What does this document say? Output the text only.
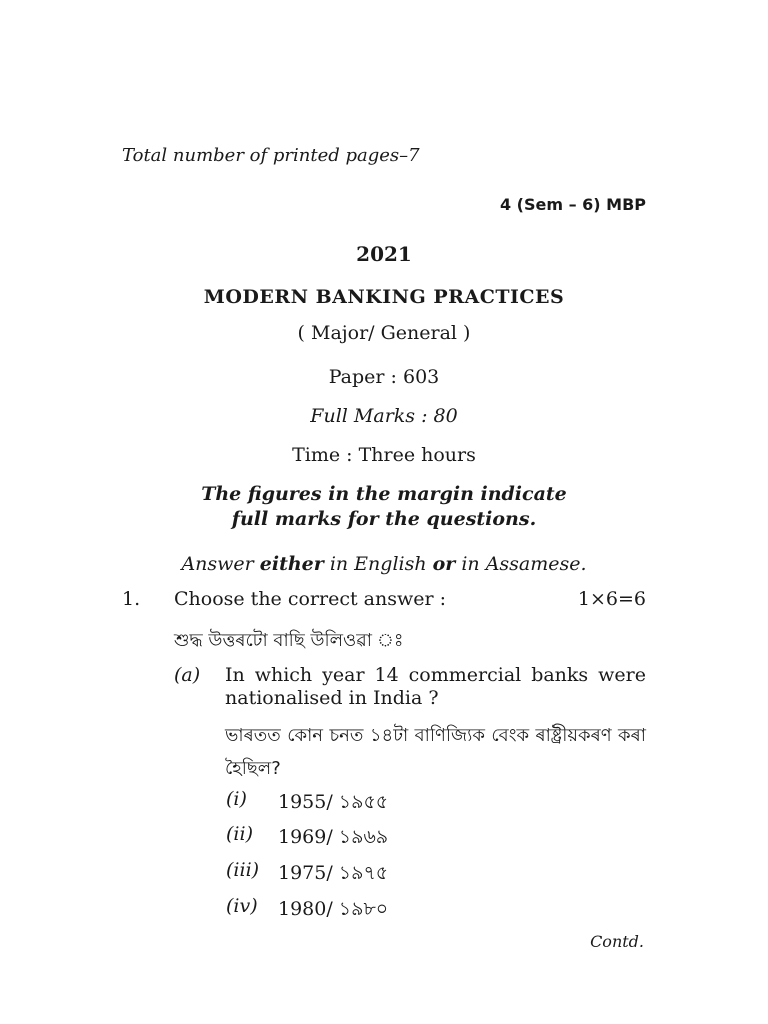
Total number of printed pages–7
4 (Sem – 6) MBP
2021
MODERN BANKING PRACTICES
( Major/ General )
Paper : 603
Full Marks : 80
Time : Three hours
The figures in the margin indicate
full marks for the questions.
Answer either in English or in Assamese.
1. Choose the correct answer :	1×6=6
শুদ্ধ উত্তৰটো বাছি উলিওৱা ঃ
(a) In which year 14 commercial banks were nationalised in India ?
ভাৰতত কোন চনত ১৪টা বাণিজ্যিক বেংক ৰাষ্ট্ৰীয়কৰণ কৰা হৈছিল?
(i) 1955/ ১৯৫৫
(ii) 1969/ ১৯৬৯
(iii) 1975/ ১৯৭৫
(iv) 1980/ ১৯৮০
Contd.
